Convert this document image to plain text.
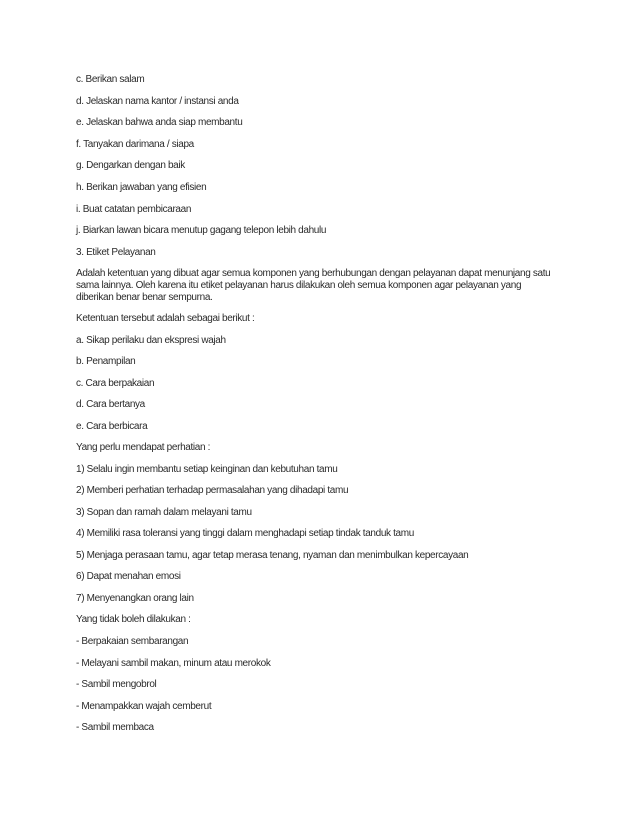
c. Berikan salam
d. Jelaskan nama kantor / instansi anda
e. Jelaskan bahwa anda siap membantu
f. Tanyakan darimana / siapa
g. Dengarkan dengan baik
h. Berikan jawaban yang efisien
i. Buat catatan pembicaraan
j. Biarkan lawan bicara menutup gagang telepon lebih dahulu
3. Etiket Pelayanan
Adalah ketentuan yang dibuat agar semua komponen yang berhubungan dengan pelayanan dapat menunjang satu
sama lainnya. Oleh karena itu etiket pelayanan harus dilakukan oleh semua komponen agar pelayanan yang
diberikan benar benar sempurna.
Ketentuan tersebut adalah sebagai berikut :
a. Sikap perilaku dan ekspresi wajah
b. Penampilan
c. Cara berpakaian
d. Cara bertanya
e. Cara berbicara
Yang perlu mendapat perhatian :
1) Selalu ingin membantu setiap keinginan dan kebutuhan tamu
2) Memberi perhatian terhadap permasalahan yang dihadapi tamu
3) Sopan dan ramah dalam melayani tamu
4) Memiliki rasa toleransi yang tinggi dalam menghadapi setiap tindak tanduk tamu
5) Menjaga perasaan tamu, agar tetap merasa tenang, nyaman dan menimbulkan kepercayaan
6) Dapat menahan emosi
7) Menyenangkan orang lain
Yang tidak boleh dilakukan :
- Berpakaian sembarangan
- Melayani sambil makan, minum atau merokok
- Sambil mengobrol
- Menampakkan wajah cemberut
- Sambil membaca
